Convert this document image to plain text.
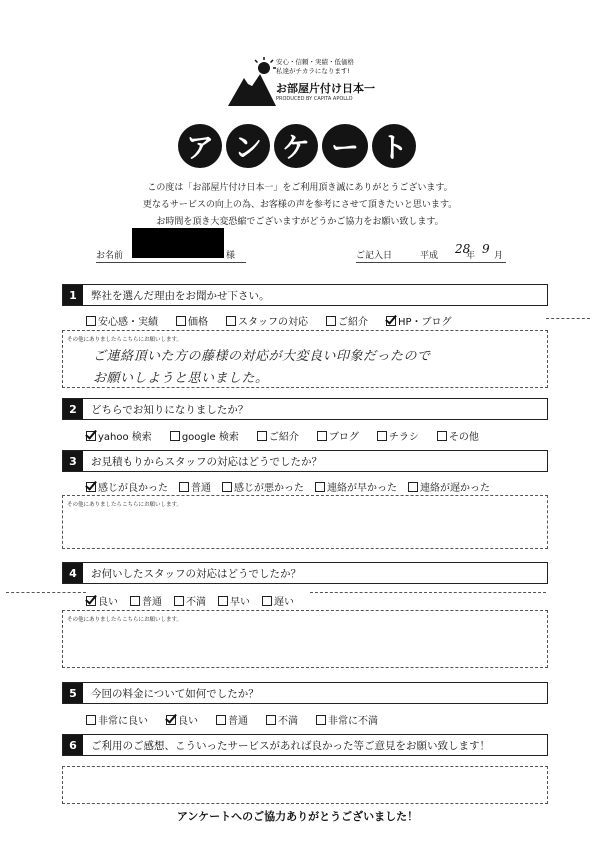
安心・信頼・実績・低価格
私達がチカラになります!
お部屋片付け日本一
PRODUCED BY CAPITA APOLLO
ア ン ケ ー ト
この度は「お部屋片付け日本一」をご利用頂き誠にありがとうございます。
更なるサービスの向上の為、お客様の声を参考にさせて頂きたいと思います。
お時間を頂き大変恐縮でございますがどうかご協力をお願い致します。
お名前	様	ご記入日	平成 28
年 9 月
1	弊社を選んだ理由をお聞かせ下さい。
安心感・実績	価格	スタッフの対応	ご紹介	HP・ブログ
その他にありましたらこちらにお願いします。
ご連絡頂いた方の藤様の対応が大変良い印象だったので
お願いしようと思いました。
2	どちらでお知りになりましたか？
yahoo 検索	google 検索	ご紹介	ブログ	チラシ	その他
3	お見積もりからスタッフの対応はどうでしたか？
感じが良かった 普通 感じが悪かった 連絡が早かった 連絡が遅かった
その他にありましたらこちらにお願いします。
4	お伺いしたスタッフの対応はどうでしたか？
良い 普通 不満 早い 遅い
その他にありましたらこちらにお願いします。
5	今回の料金について如何でしたか？
非常に良い	良い	普通	不満	非常に不満
6	ご利用のご感想、こういったサービスがあれば良かった等ご意見をお願い致します！
アンケートへのご協力ありがとうございました！
